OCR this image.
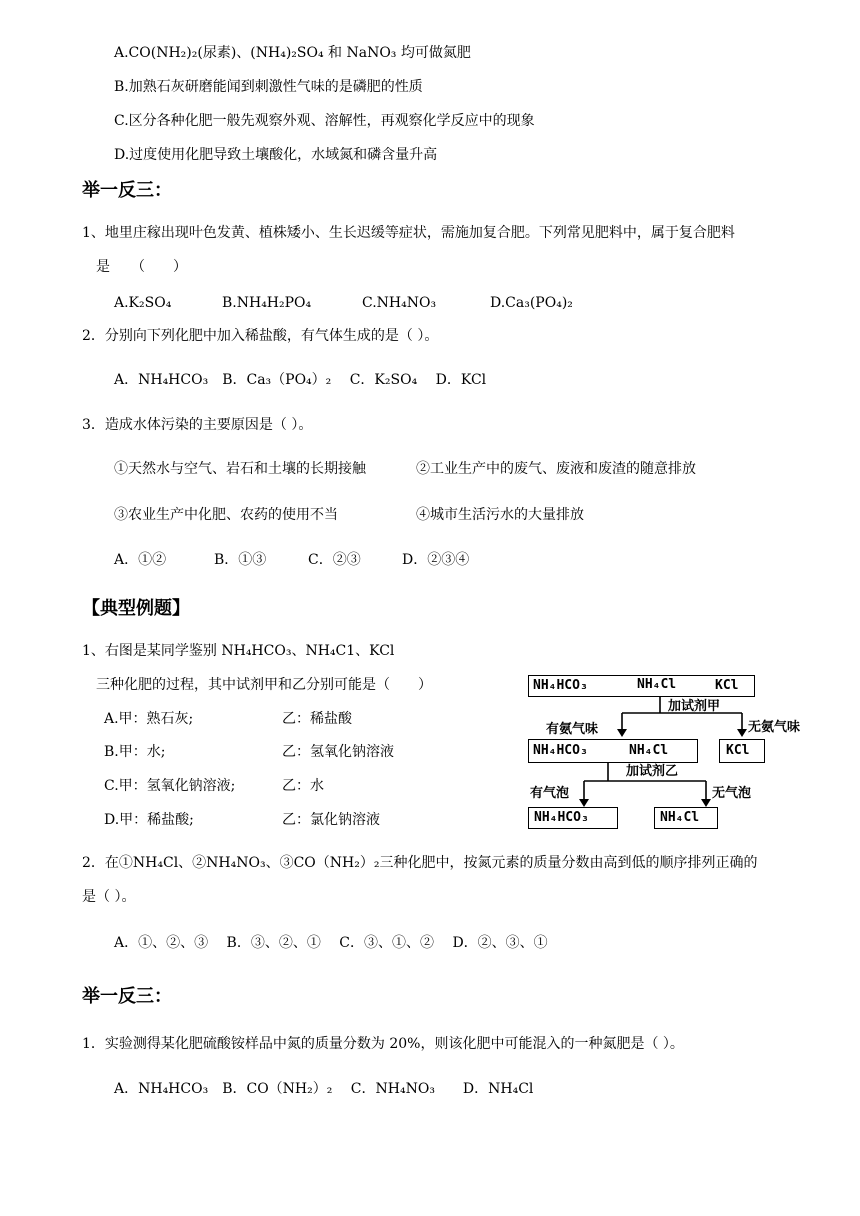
A.CO(NH₂)₂(尿素)、(NH₄)₂SO₄ 和 NaNO₃ 均可做氮肥
B.加熟石灰研磨能闻到刺激性气味的是磷肥的性质
C.区分各种化肥一般先观察外观、溶解性，再观察化学反应中的现象
D.过度使用化肥导致土壤酸化，水域氮和磷含量升高
举一反三：
1、地里庄稼出现叶色发黄、植株矮小、生长迟缓等症状，需施加复合肥。下列常见肥料中，属于复合肥料
是　　（　　）
A.K₂SO₄	B.NH₄H₂PO₄	C.NH₄NO₃	D.Ca₃(PO₄)₂
2．分别向下列化肥中加入稀盐酸，有气体生成的是（ ）。
A．NH₄HCO₃　B．Ca₃（PO₄）₂　 C．K₂SO₄　 D．KCl
3．造成水体污染的主要原因是（ ）。
①天然水与空气、岩石和土壤的长期接触	②工业生产中的废气、废液和废渣的随意排放
③农业生产中化肥、农药的使用不当	④城市生活污水的大量排放
A．①②	B．①③	C．②③	D．②③④
【典型例题】
1、右图是某同学鉴别 NH₄HCO₃、NH₄C1、KCl
三种化肥的过程，其中试剂甲和乙分别可能是（　　）
A.甲：熟石灰;	乙：稀盐酸
B.甲：水;	乙：氢氧化钠溶液
C.甲：氢氧化钠溶液;	乙：水
D.甲：稀盐酸;	乙：氯化钠溶液
NH₄HCO₃	NH₄Cl	KCl
加试剂甲
有氨气味	无氨气味
NH₄HCO₃	NH₄Cl	KCl
加试剂乙
有气泡	无气泡
NH₄HCO₃	NH₄Cl
2．在①NH₄Cl、②NH₄NO₃、③CO（NH₂）₂三种化肥中，按氮元素的质量分数由高到低的顺序排列正确的
是（ ）。
A．①、②、③　 B．③、②、①　 C．③、①、②　 D．②、③、①
举一反三：
1．实验测得某化肥硫酸铵样品中氮的质量分数为 20%，则该化肥中可能混入的一种氮肥是（ ）。
A．NH₄HCO₃　B．CO（NH₂）₂　 C．NH₄NO₃　　D．NH₄Cl
